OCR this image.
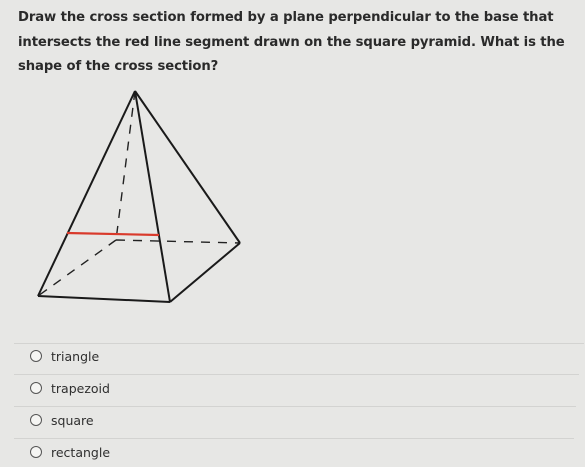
Draw the cross section formed by a plane perpendicular to the base that intersects the red line segment drawn on the square pyramid. What is the shape of the cross section?
triangle
trapezoid
square
rectangle
